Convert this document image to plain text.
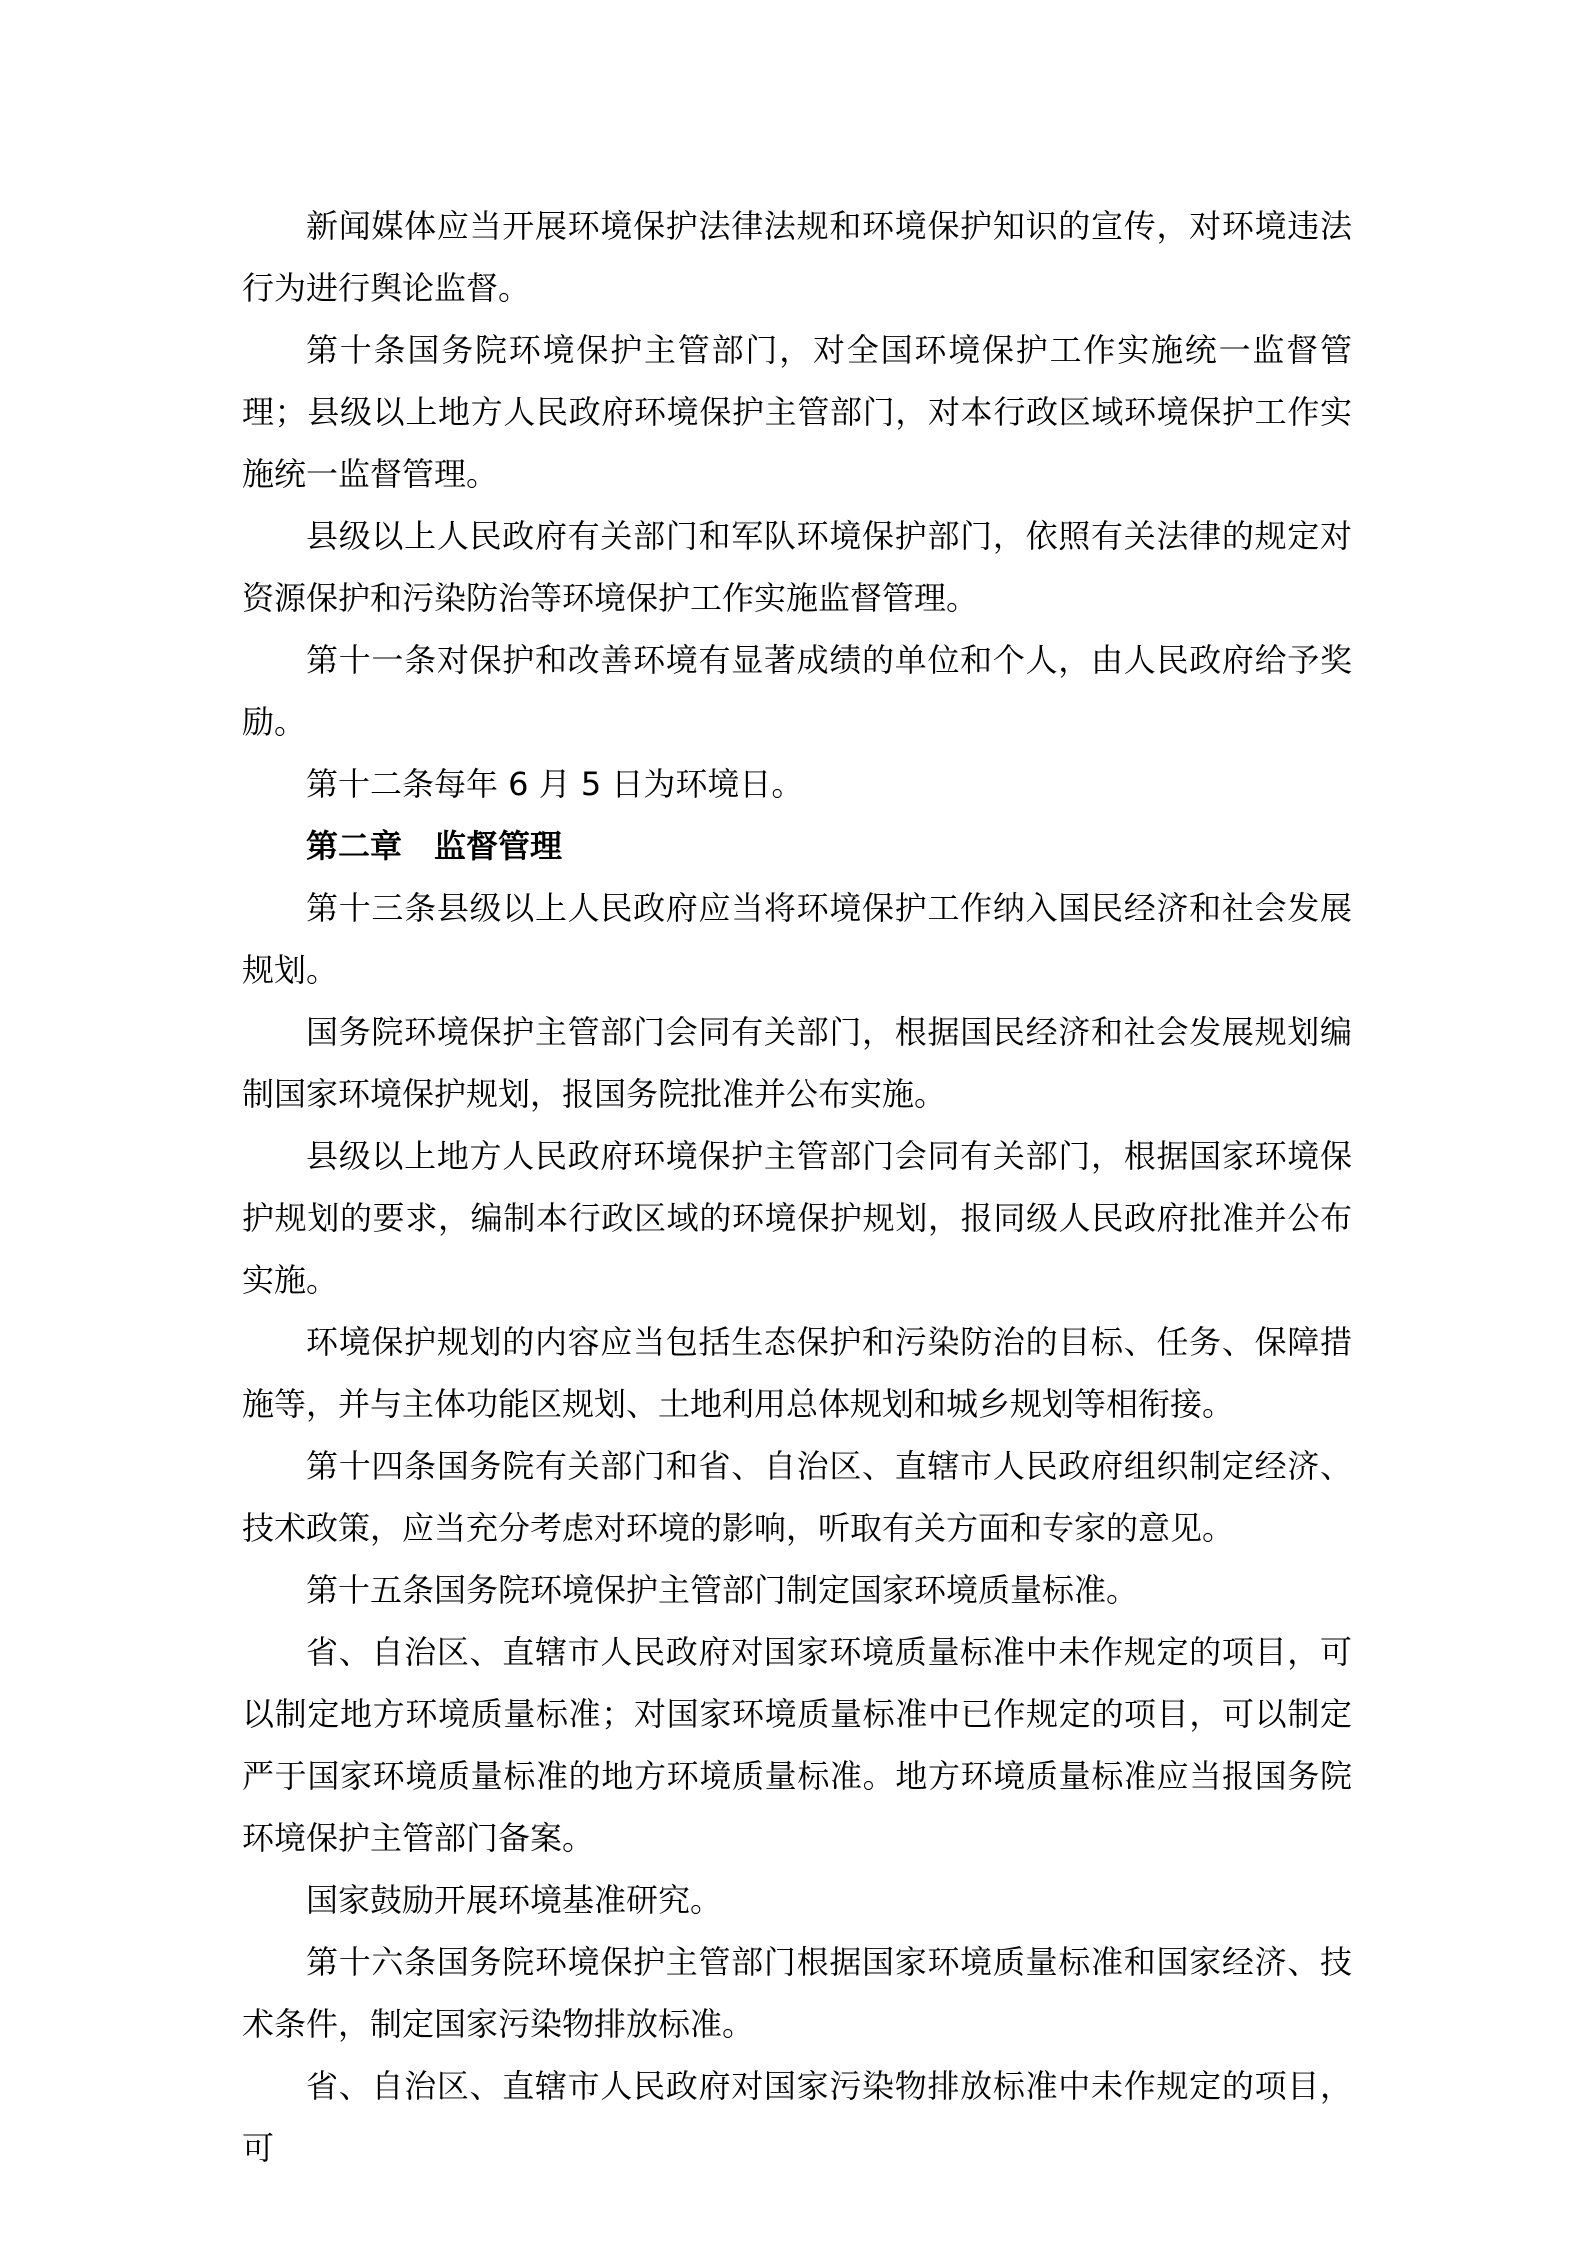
新闻媒体应当开展环境保护法律法规和环境保护知识的宣传，对环境违法行为进行舆论监督。

第十条国务院环境保护主管部门，对全国环境保护工作实施统一监督管理；县级以上地方人民政府环境保护主管部门，对本行政区域环境保护工作实施统一监督管理。

县级以上人民政府有关部门和军队环境保护部门，依照有关法律的规定对资源保护和污染防治等环境保护工作实施监督管理。

第十一条对保护和改善环境有显著成绩的单位和个人，由人民政府给予奖励。

第十二条每年 6 月 5 日为环境日。

第二章　监督管理

第十三条县级以上人民政府应当将环境保护工作纳入国民经济和社会发展规划。

国务院环境保护主管部门会同有关部门，根据国民经济和社会发展规划编制国家环境保护规划，报国务院批准并公布实施。

县级以上地方人民政府环境保护主管部门会同有关部门，根据国家环境保护规划的要求，编制本行政区域的环境保护规划，报同级人民政府批准并公布实施。

环境保护规划的内容应当包括生态保护和污染防治的目标、任务、保障措施等，并与主体功能区规划、土地利用总体规划和城乡规划等相衔接。

第十四条国务院有关部门和省、自治区、直辖市人民政府组织制定经济、技术政策，应当充分考虑对环境的影响，听取有关方面和专家的意见。

第十五条国务院环境保护主管部门制定国家环境质量标准。

省、自治区、直辖市人民政府对国家环境质量标准中未作规定的项目，可以制定地方环境质量标准；对国家环境质量标准中已作规定的项目，可以制定严于国家环境质量标准的地方环境质量标准。地方环境质量标准应当报国务院环境保护主管部门备案。

国家鼓励开展环境基准研究。

第十六条国务院环境保护主管部门根据国家环境质量标准和国家经济、技术条件，制定国家污染物排放标准。

省、自治区、直辖市人民政府对国家污染物排放标准中未作规定的项目，可
